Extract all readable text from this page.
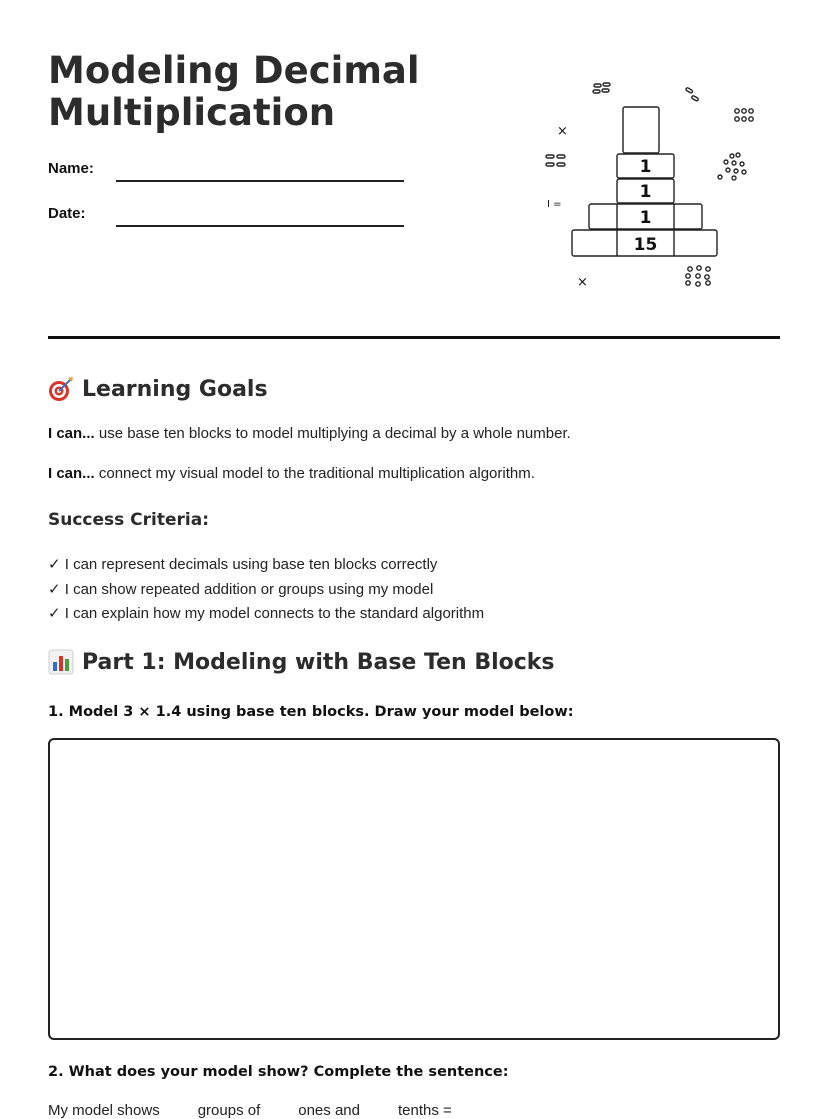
Modeling Decimal
Multiplication
Name:
Date:
1
1
1
15
×
×
I =
Learning Goals

I can... use base ten blocks to model multiplying a decimal by a whole number.

I can... connect my visual model to the traditional multiplication algorithm.

Success Criteria:
✓ I can represent decimals using base ten blocks correctly
✓ I can show repeated addition or groups using my model
✓ I can explain how my model connects to the standard algorithm
Part 1: Modeling with Base Ten Blocks

1. Model 3 × 1.4 using base ten blocks. Draw your model below:

2. What does your model show? Complete the sentence:

My model shows	groups of	ones and	tenths =
